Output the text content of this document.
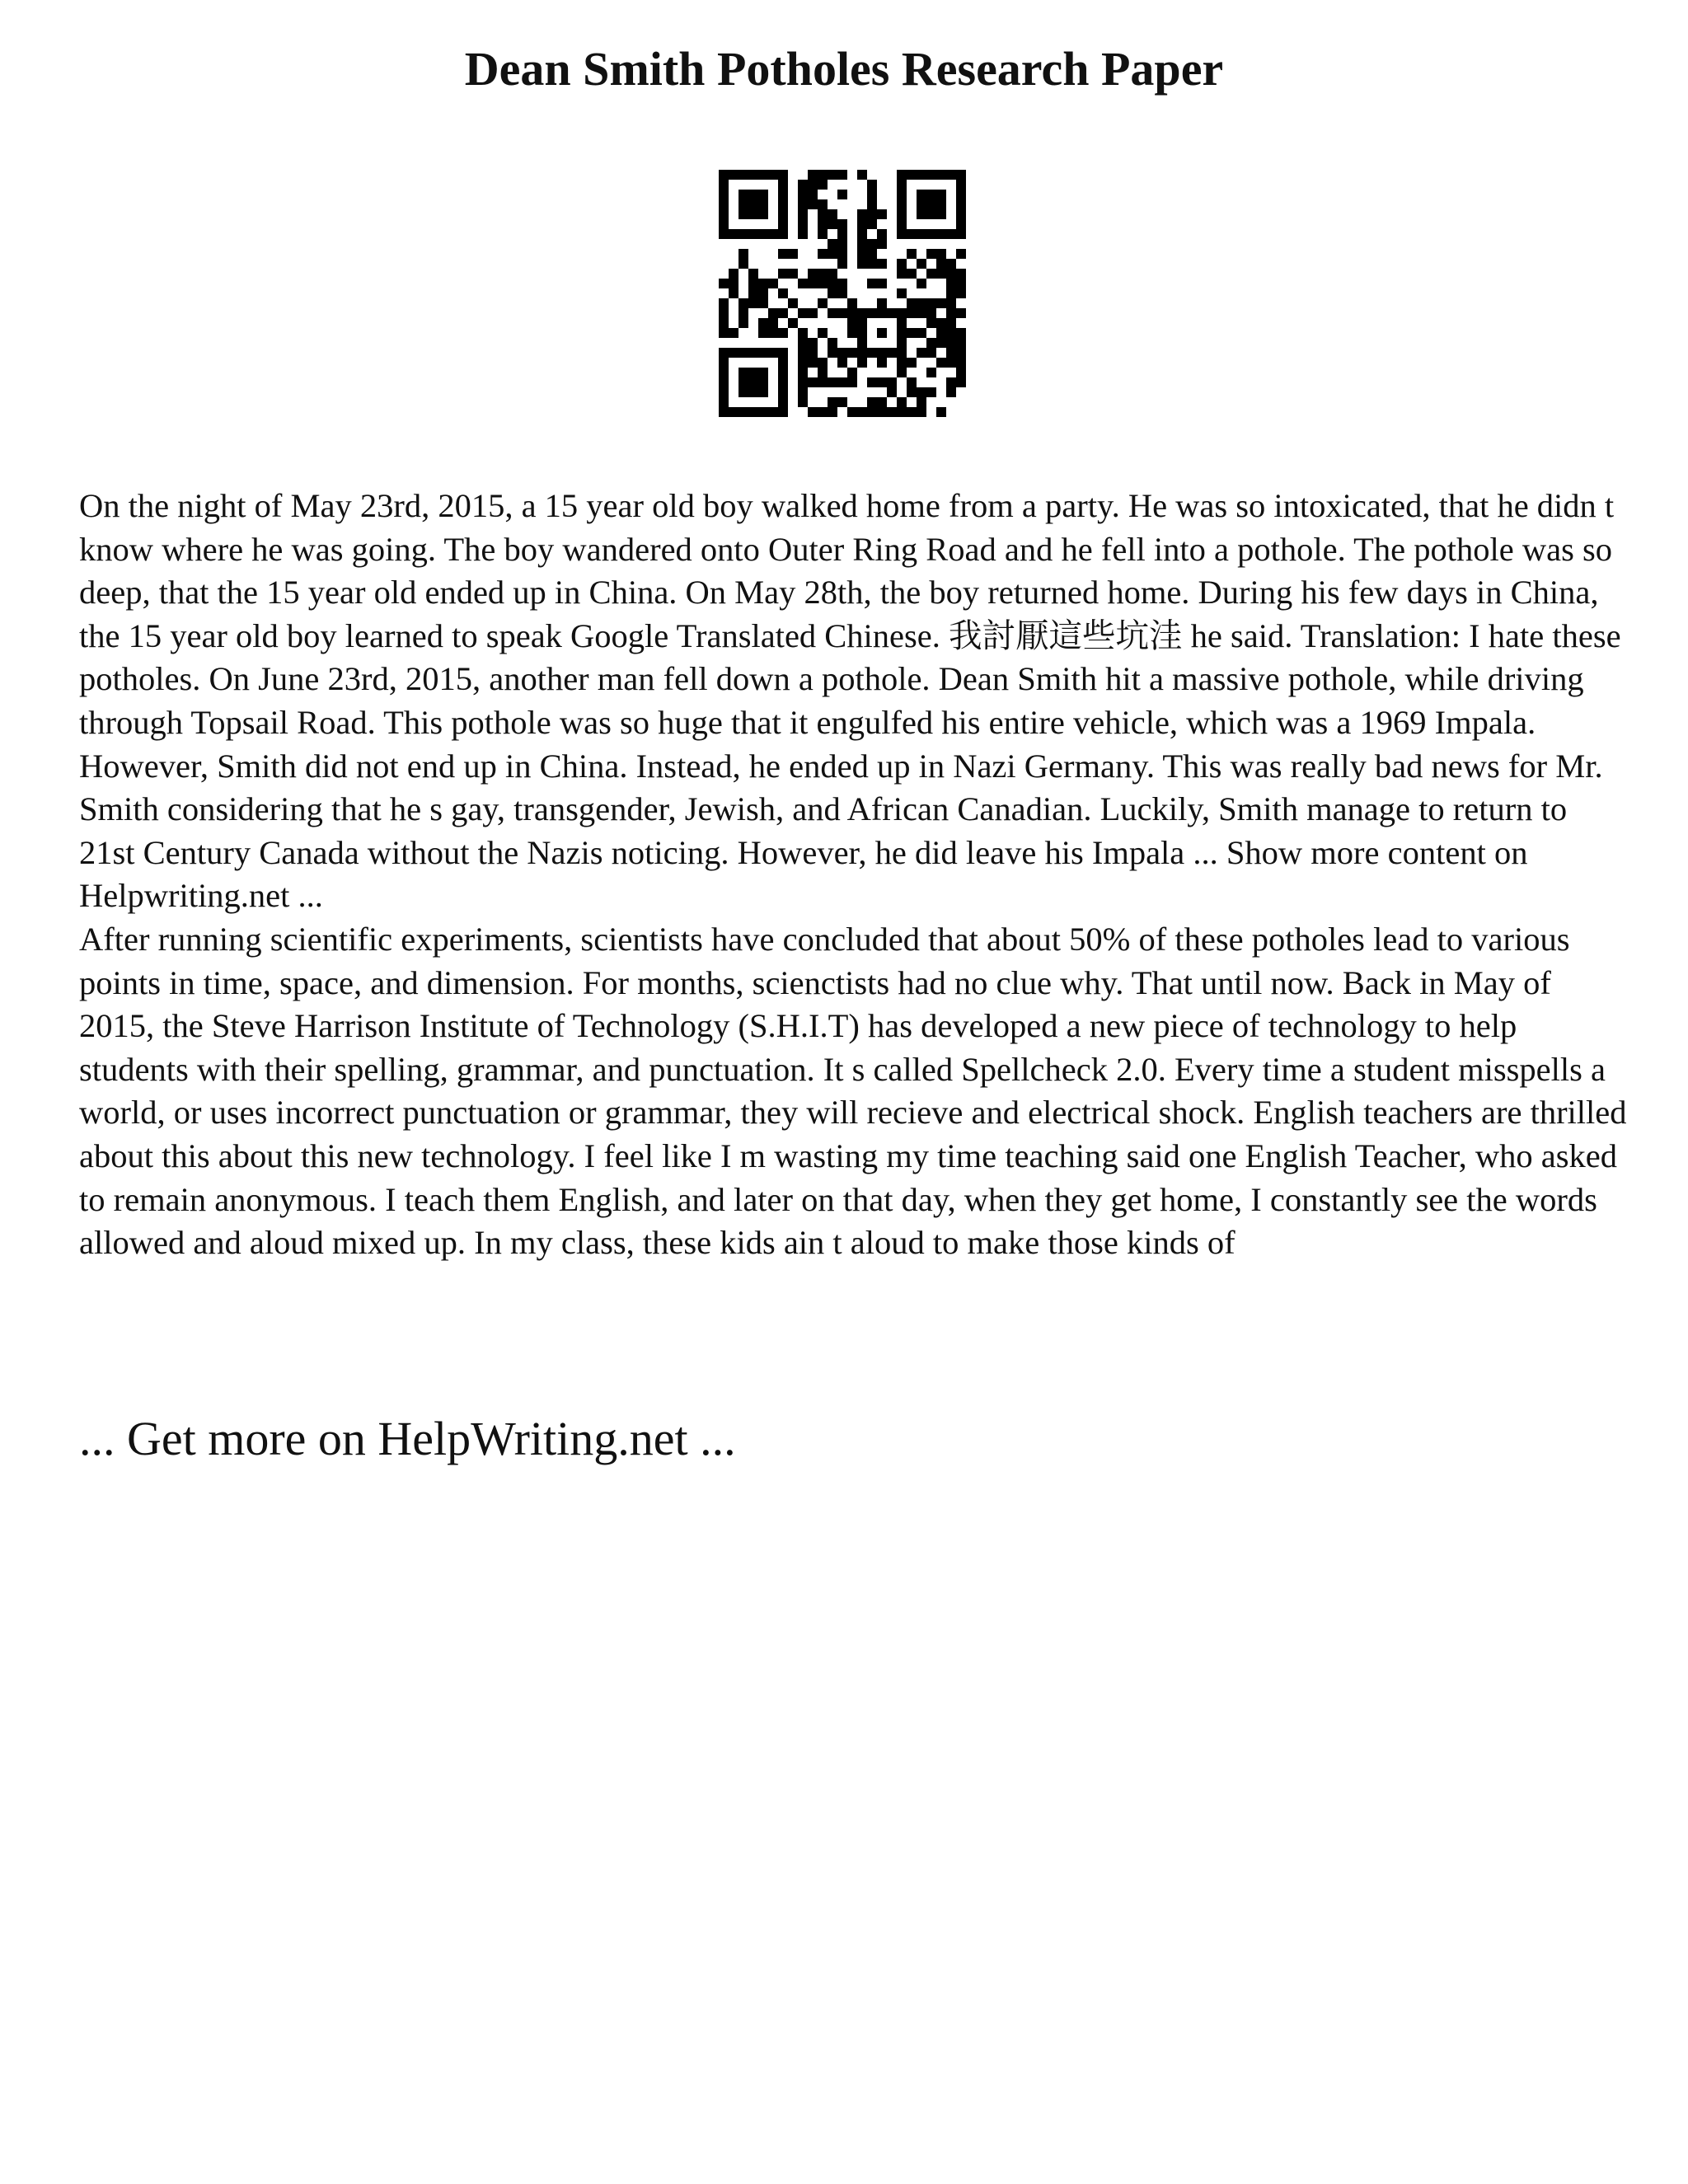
Dean Smith Potholes Research Paper

On the night of May 23rd, 2015, a 15 year old boy walked home from a party. He was so intoxicated, that he didn t know where he was going. The boy wandered onto Outer Ring Road and he fell into a pothole. The pothole was so deep, that the 15 year old ended up in China. On May 28th, the boy returned home. During his few days in China, the 15 year old boy learned to speak Google Translated Chinese. 我討厭這些坑洼 he said. Translation: I hate these potholes. On June 23rd, 2015, another man fell down a pothole. Dean Smith hit a massive pothole, while driving through Topsail Road. This pothole was so huge that it engulfed his entire vehicle, which was a 1969 Impala. However, Smith did not end up in China. Instead, he ended up in Nazi Germany. This was really bad news for Mr. Smith considering that he s gay, transgender, Jewish, and African Canadian. Luckily, Smith manage to return to 21st Century Canada without the Nazis noticing. However, he did leave his Impala ... Show more content on Helpwriting.net ...

After running scientific experiments, scientists have concluded that about 50% of these potholes lead to various points in time, space, and dimension. For months, scienctists had no clue why. That until now. Back in May of 2015, the Steve Harrison Institute of Technology (S.H.I.T) has developed a new piece of technology to help students with their spelling, grammar, and punctuation. It s called Spellcheck 2.0. Every time a student misspells a world, or uses incorrect punctuation or grammar, they will recieve and electrical shock. English teachers are thrilled about this about this new technology. I feel like I m wasting my time teaching said one English Teacher, who asked to remain anonymous. I teach them English, and later on that day, when they get home, I constantly see the words allowed and aloud mixed up. In my class, these kids ain t aloud to make those kinds of

... Get more on HelpWriting.net ...
